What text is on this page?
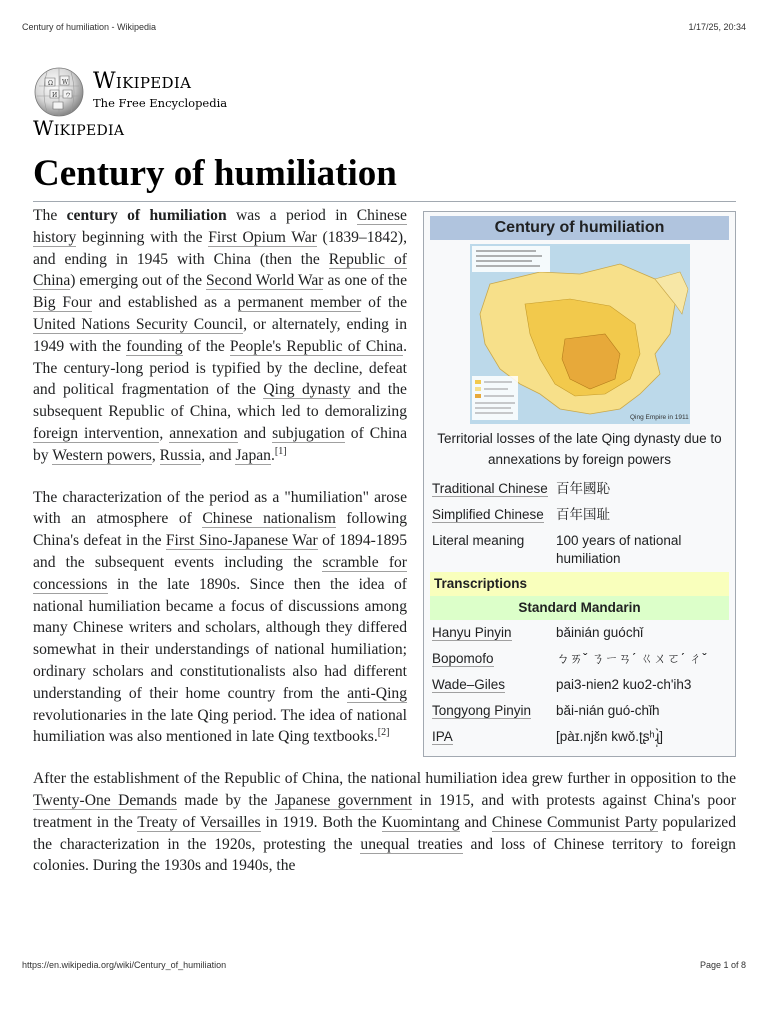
Century of humiliation - Wikipedia	1/17/25, 20:34
Ω W
И ウ
Wikipedia
The Free Encyclopedia
Wikipedia
Century of humiliation
Century of humiliation
Qing Empire in 1911
Territorial losses of the late Qing dynasty due to annexations by foreign powers
Traditional Chinese	百年國恥
Simplified Chinese	百年国耻
Literal meaning	100 years of national humiliation
Transcriptions	
Standard Mandarin	
Hanyu Pinyin	bǎinián guóchǐ
Bopomofo	ㄅㄞˇ ㄋㄧㄢˊ ㄍㄨㄛˊ ㄔˇ
Wade–Giles	pai3-nien2 kuo2-ch'ih3
Tongyong Pinyin	bǎi-nián guó-chǐh
IPA	[pàɪ.njɛ̌n kwǒ.ʈʂʰɻ̩̀]

The century of humiliation was a period in Chinese history beginning with the First Opium War (1839–1842), and ending in 1945 with China (then the Republic of China) emerging out of the Second World War as one of the Big Four and established as a permanent member of the United Nations Security Council, or alternately, ending in 1949 with the founding of the People's Republic of China. The century-long period is typified by the decline, defeat and political fragmentation of the Qing dynasty and the subsequent Republic of China, which led to demoralizing foreign intervention, annexation and subjugation of China by Western powers, Russia, and Japan.[1]

The characterization of the period as a "humiliation" arose with an atmosphere of Chinese nationalism following China's defeat in the First Sino-Japanese War of 1894-1895 and the subsequent events including the scramble for concessions in the late 1890s. Since then the idea of national humiliation became a focus of discussions among many Chinese writers and scholars, although they differed somewhat in their understandings of national humiliation; ordinary scholars and constitutionalists also had different understanding of their home country from the anti-Qing revolutionaries in the late Qing period. The idea of national humiliation was also mentioned in late Qing textbooks.[2]

After the establishment of the Republic of China, the national humiliation idea grew further in opposition to the Twenty-One Demands made by the Japanese government in 1915, and with protests against China's poor treatment in the Treaty of Versailles in 1919. Both the Kuomintang and Chinese Communist Party popularized the characterization in the 1920s, protesting the unequal treaties and loss of Chinese territory to foreign colonies. During the 1930s and 1940s, the

https://en.wikipedia.org/wiki/Century_of_humiliation	Page 1 of 8
